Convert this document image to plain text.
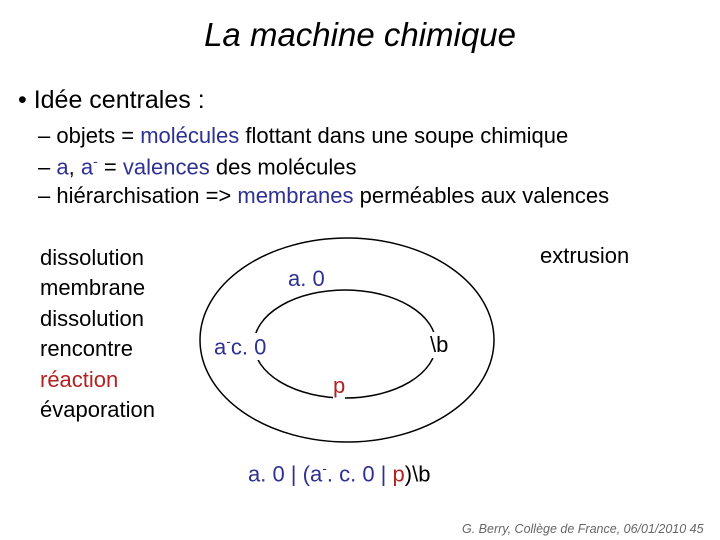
La machine chimique
• Idée centrales :
– objets = molécules flottant dans une soupe chimique
– a, a- = valences des molécules
– hiérarchisation => membranes perméables aux valences
dissolution
membrane
dissolution
rencontre
réaction
évaporation
extrusion
a. 0
a-c. 0	\b
p
a. 0 | (a-. c. 0 | p)\b
G. Berry, Collège de France, 06/01/2010 45
